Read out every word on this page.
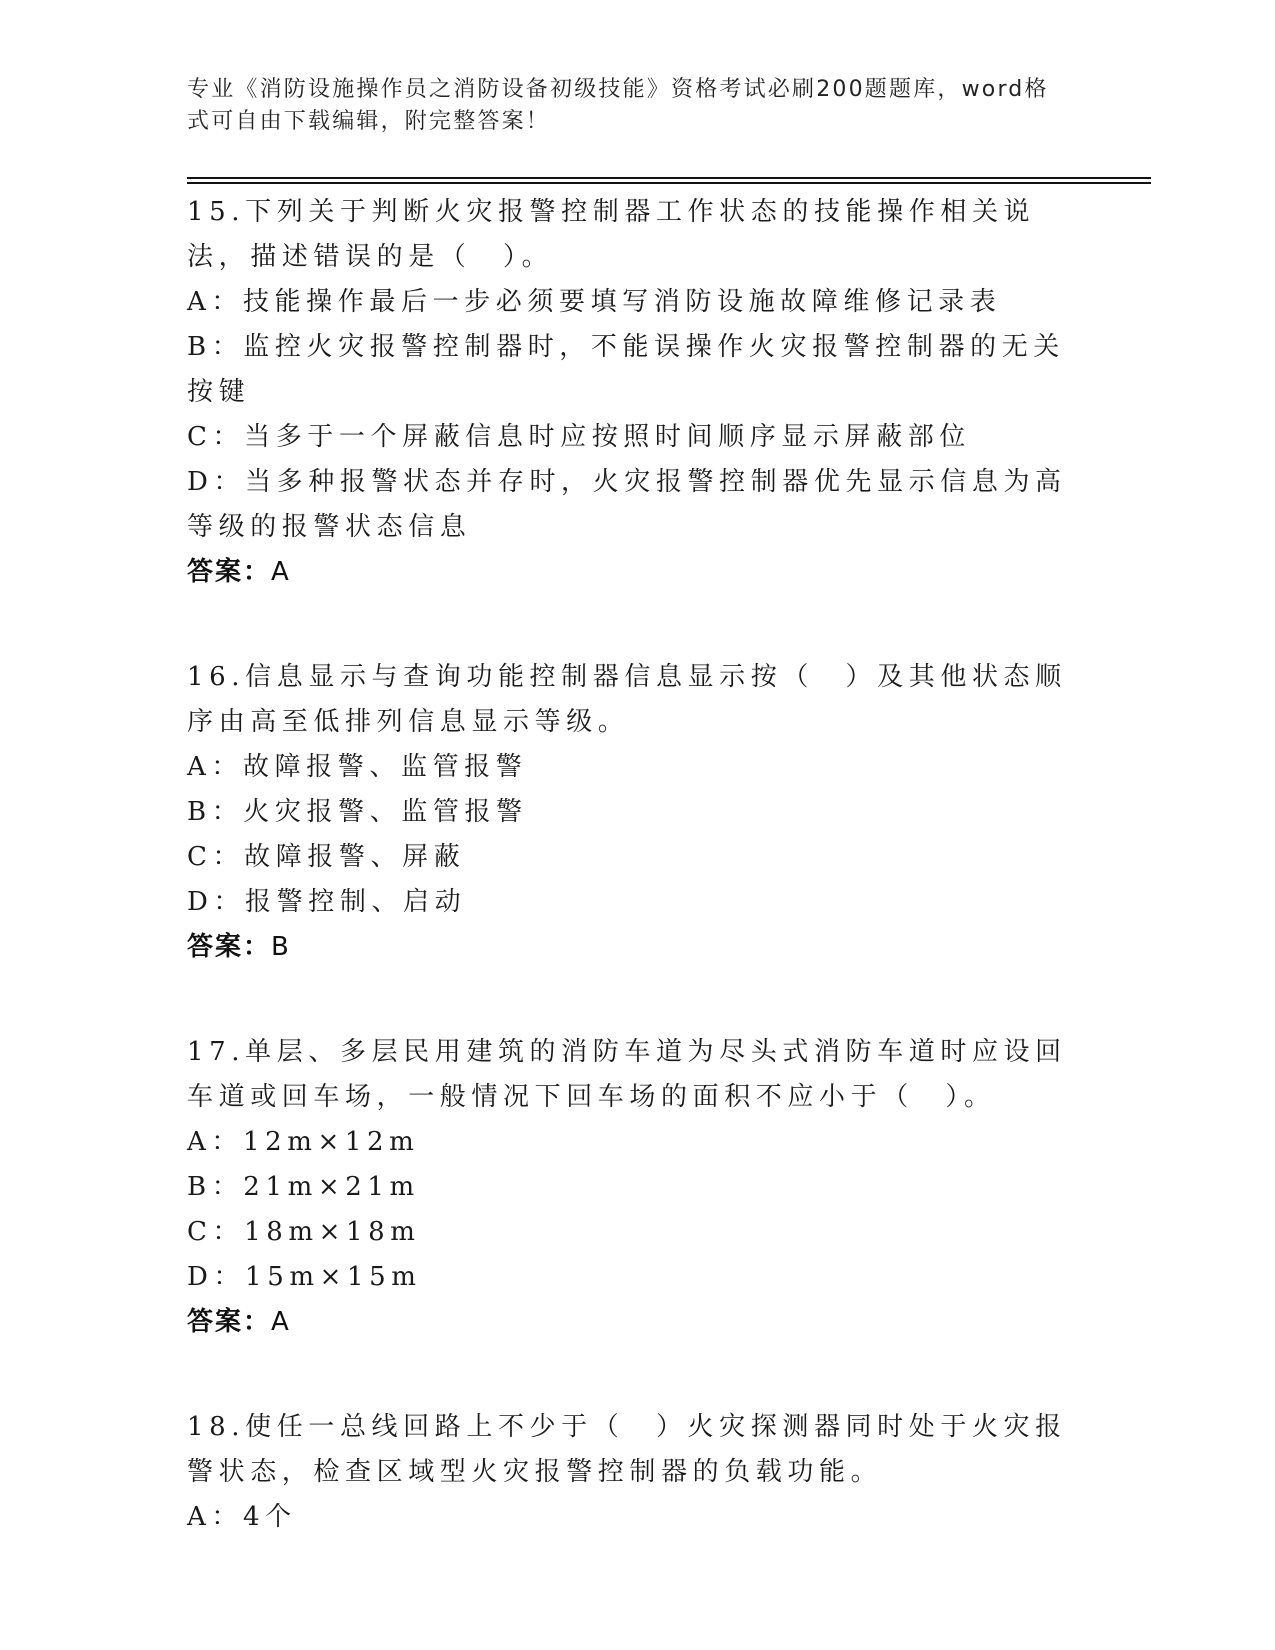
专业《消防设施操作员之消防设备初级技能》资格考试必刷200题题库，word格
式可自由下载编辑，附完整答案！
15.下列关于判断火灾报警控制器工作状态的技能操作相关说法，描述错误的是（　）。
A：技能操作最后一步必须要填写消防设施故障维修记录表
B：监控火灾报警控制器时，不能误操作火灾报警控制器的无关按键
C：当多于一个屏蔽信息时应按照时间顺序显示屏蔽部位
D：当多种报警状态并存时，火灾报警控制器优先显示信息为高等级的报警状态信息
答案：A
16.信息显示与查询功能控制器信息显示按（　）及其他状态顺序由高至低排列信息显示等级。
A：故障报警、监管报警
B：火灾报警、监管报警
C：故障报警、屏蔽
D：报警控制、启动
答案：B
17.单层、多层民用建筑的消防车道为尽头式消防车道时应设回车道或回车场，一般情况下回车场的面积不应小于（　）。
A：12m×12m
B：21m×21m
C：18m×18m
D：15m×15m
答案：A
18.使任一总线回路上不少于（　）火灾探测器同时处于火灾报警状态，检查区域型火灾报警控制器的负载功能。
A：4个
